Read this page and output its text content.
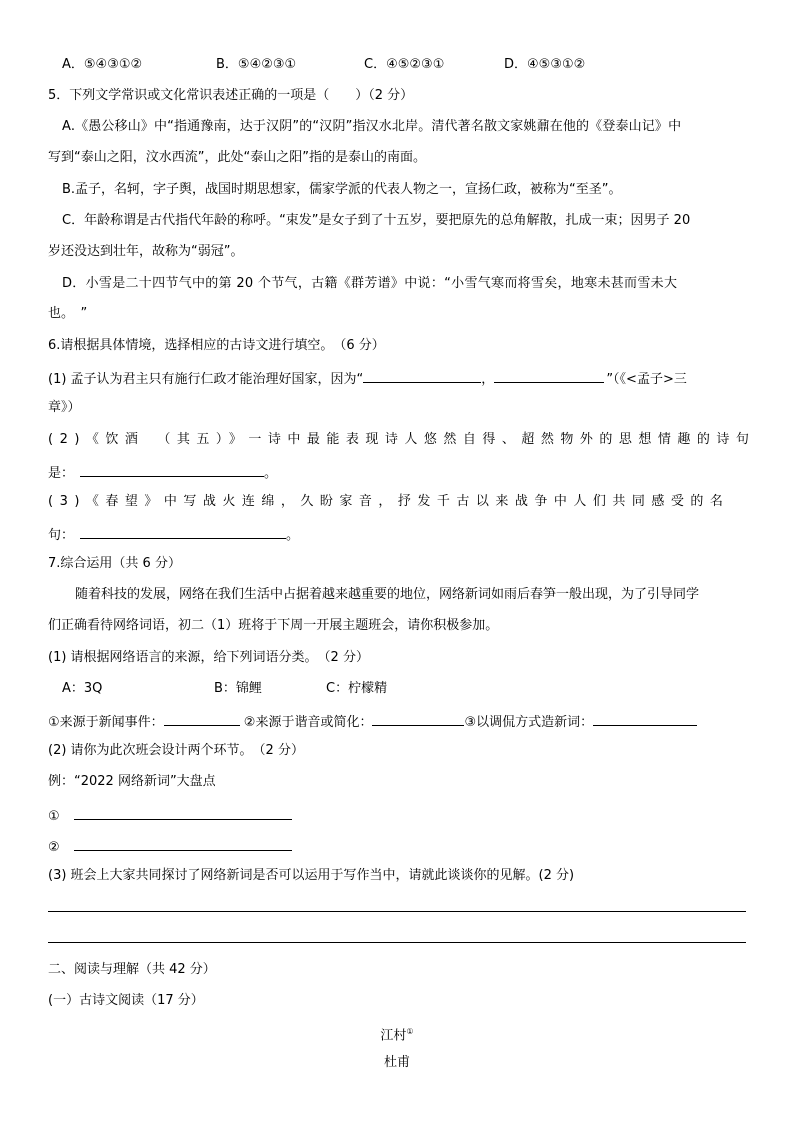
A．⑤④③①②	B．⑤④②③①	C．④⑤②③①	D．④⑤③①②
5．下列文学常识或文化常识表述正确的一项是（　　）（2 分）
A.《愚公移山》中“指通豫南，达于汉阴”的“汉阴”指汉水北岸。清代著名散文家姚鼐在他的《登泰山记》中
写到“泰山之阳，汶水西流”，此处“泰山之阳”指的是泰山的南面。
B.孟子，名轲，字子舆，战国时期思想家，儒家学派的代表人物之一，宣扬仁政，被称为“至圣”。
C．年龄称谓是古代指代年龄的称呼。“束发”是女子到了十五岁，要把原先的总角解散，扎成一束；因男子 20
岁还没达到壮年，故称为“弱冠”。
D．小雪是二十四节气中的第 20 个节气，古籍《群芳谱》中说：“小雪气寒而将雪矣，地寒未甚而雪未大
也。　”
6.请根据具体情境，选择相应的古诗文进行填空。　（6 分）
(1) 孟子认为君主只有施行仁政才能治理好国家，因为“	，	”（《<孟子>三
章》）
(2)《饮酒　（其五）》一诗中最能表现诗人悠然自得、超然物外的思想情趣的诗句
是：	。
(3)《春望》中写战火连绵，久盼家音，抒发千古以来战争中人们共同感受的名
句：	。
7.综合运用（共 6 分）
随着科技的发展，网络在我们生活中占据着越来越重要的地位，网络新词如雨后春笋一般出现，为了引导同学
们正确看待网络词语，初二（1）班将于下周一开展主题班会，请你积极参加。
(1) 请根据网络语言的来源，给下列词语分类。　（2 分）
A：3Q	B：锦鲤	C：柠檬精
①来源于新闻事件：	②来源于谐音或简化：	③以调侃方式造新词：
(2) 请你为此次班会设计两个环节。　（2 分）
例：“2022 网络新词”大盘点
①
②
(3) 班会上大家共同探讨了网络新词是否可以运用于写作当中，请就此谈谈你的见解。(2 分)
二、阅读与理解（共 42 分）
(一）古诗文阅读（17 分）
江村①
杜甫
